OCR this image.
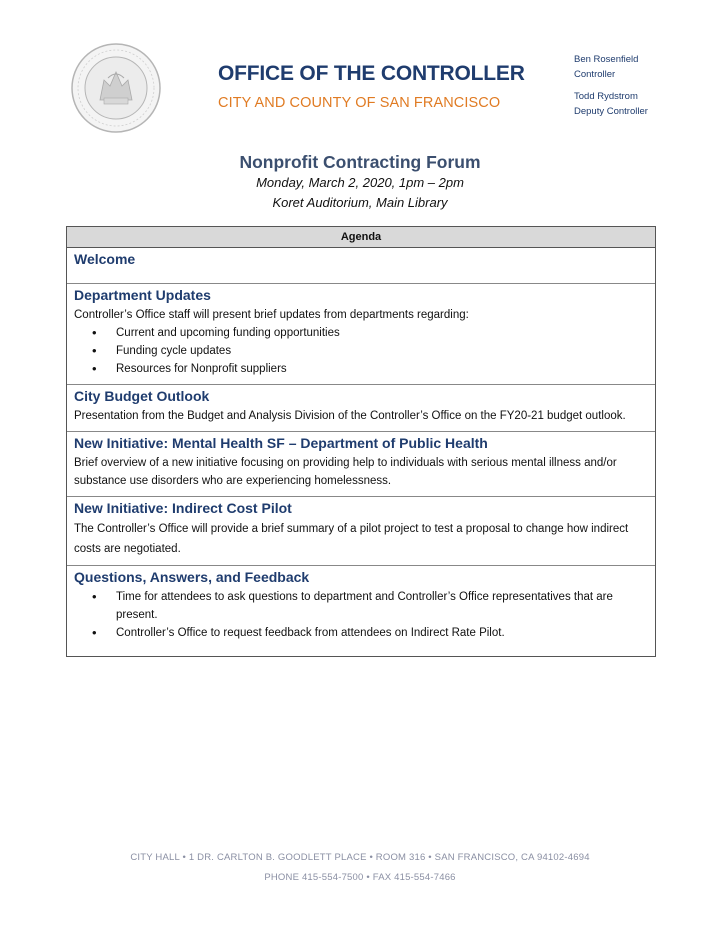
OFFICE OF THE CONTROLLER
CITY AND COUNTY OF SAN FRANCISCO
Ben Rosenfield
Controller
Todd Rydstrom
Deputy Controller
Nonprofit Contracting Forum
Monday, March 2, 2020, 1pm – 2pm
Koret Auditorium, Main Library
Agenda
Welcome
Department Updates
Controller’s Office staff will present brief updates from departments regarding:
• Current and upcoming funding opportunities
• Funding cycle updates
• Resources for Nonprofit suppliers
City Budget Outlook
Presentation from the Budget and Analysis Division of the Controller’s Office on the FY20-21 budget outlook.
New Initiative: Mental Health SF – Department of Public Health
Brief overview of a new initiative focusing on providing help to individuals with serious mental illness and/or substance use disorders who are experiencing homelessness.
New Initiative: Indirect Cost Pilot
The Controller’s Office will provide a brief summary of a pilot project to test a proposal to change how indirect costs are negotiated.
Questions, Answers, and Feedback
• Time for attendees to ask questions to department and Controller’s Office representatives that are present.
• Controller’s Office to request feedback from attendees on Indirect Rate Pilot.
CITY HALL • 1 DR. CARLTON B. GOODLETT PLACE • ROOM 316 • SAN FRANCISCO, CA 94102-4694
PHONE 415-554-7500 • FAX 415-554-7466
